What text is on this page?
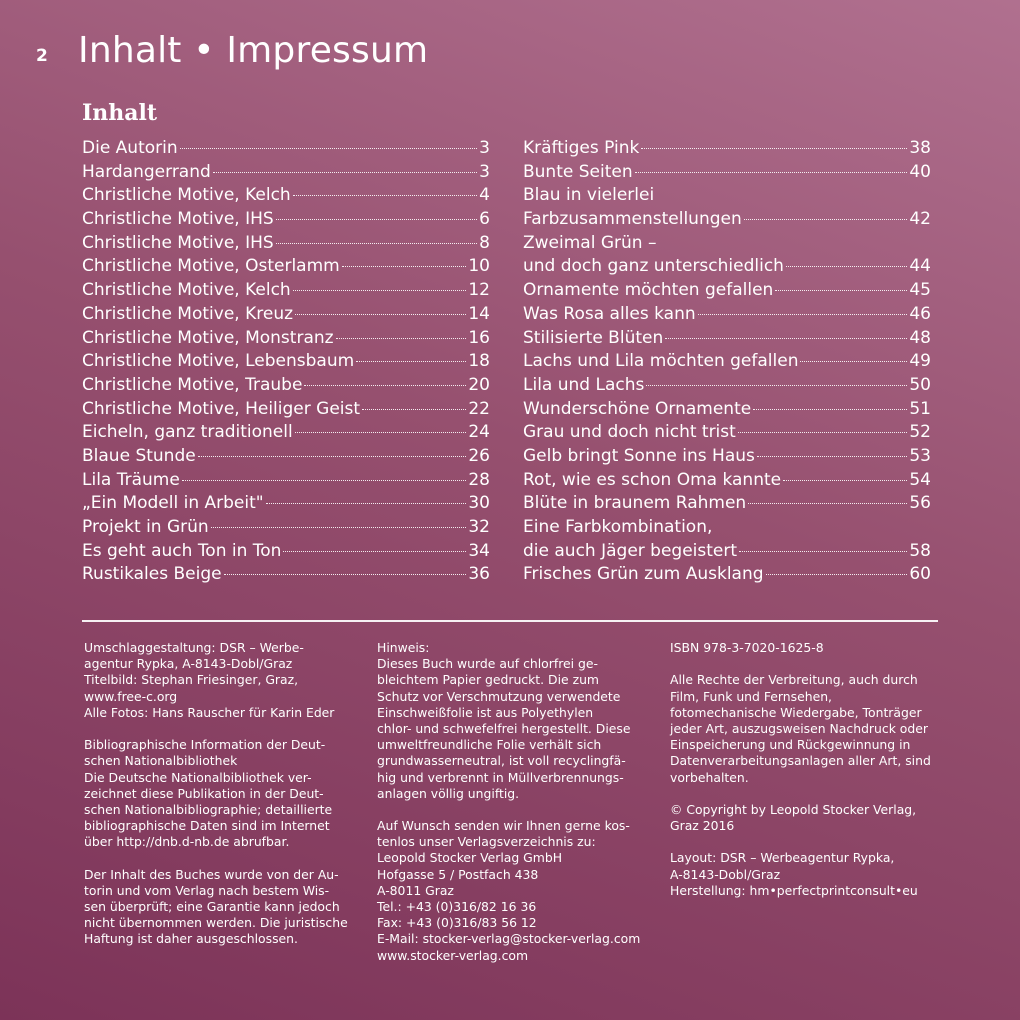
2 Inhalt • Impressum
Inhalt
Die Autorin	3
Hardangerrand	3
Christliche Motive, Kelch	4
Christliche Motive, IHS	6
Christliche Motive, IHS	8
Christliche Motive, Osterlamm	10
Christliche Motive, Kelch	12
Christliche Motive, Kreuz	14
Christliche Motive, Monstranz	16
Christliche Motive, Lebensbaum	18
Christliche Motive, Traube	20
Christliche Motive, Heiliger Geist	22
Eicheln, ganz traditionell	24
Blaue Stunde	26
Lila Träume	28
„Ein Modell in Arbeit"	30
Projekt in Grün	32
Es geht auch Ton in Ton	34
Rustikales Beige	36
Kräftiges Pink	38
Bunte Seiten	40
Blau in vielerlei
Farbzusammenstellungen	42
Zweimal Grün –
und doch ganz unterschiedlich	44
Ornamente möchten gefallen	45
Was Rosa alles kann	46
Stilisierte Blüten	48
Lachs und Lila möchten gefallen	49
Lila und Lachs	50
Wunderschöne Ornamente	51
Grau und doch nicht trist	52
Gelb bringt Sonne ins Haus	53
Rot, wie es schon Oma kannte	54
Blüte in braunem Rahmen	56
Eine Farbkombination,
die auch Jäger begeistert	58
Frisches Grün zum Ausklang	60
Umschlaggestaltung: DSR – Werbe-
agentur Rypka, A-8143-Dobl/Graz
Titelbild: Stephan Friesinger, Graz,
www.free-c.org
Alle Fotos: Hans Rauscher für Karin Eder
Bibliographische Information der Deut-
schen Nationalbibliothek
Die Deutsche Nationalbibliothek ver-
zeichnet diese Publikation in der Deut-
schen Nationalbibliographie; detaillierte
bibliographische Daten sind im Internet
über http://dnb.d-nb.de abrufbar.
Der Inhalt des Buches wurde von der Au-
torin und vom Verlag nach bestem Wis-
sen überprüft; eine Garantie kann jedoch
nicht übernommen werden. Die juristische
Haftung ist daher ausgeschlossen.
Hinweis:
Dieses Buch wurde auf chlorfrei ge-
bleichtem Papier gedruckt. Die zum
Schutz vor Verschmutzung verwendete
Einschweißfolie ist aus Polyethylen
chlor- und schwefelfrei hergestellt. Diese
umweltfreundliche Folie verhält sich
grundwasserneutral, ist voll recyclingfä-
hig und verbrennt in Müllverbrennungs-
anlagen völlig ungiftig.
Auf Wunsch senden wir Ihnen gerne kos-
tenlos unser Verlagsverzeichnis zu:
Leopold Stocker Verlag GmbH
Hofgasse 5 / Postfach 438
A-8011 Graz
Tel.: +43 (0)316/82 16 36
Fax: +43 (0)316/83 56 12
E-Mail: stocker-verlag@stocker-verlag.com
www.stocker-verlag.com
ISBN 978-3-7020-1625-8
Alle Rechte der Verbreitung, auch durch
Film, Funk und Fernsehen,
fotomechanische Wiedergabe, Tonträger
jeder Art, auszugsweisen Nachdruck oder
Einspeicherung und Rückgewinnung in
Datenverarbeitungsanlagen aller Art, sind
vorbehalten.
© Copyright by Leopold Stocker Verlag,
Graz 2016
Layout: DSR – Werbeagentur Rypka,
A-8143-Dobl/Graz
Herstellung: hm•perfectprintconsult•eu
